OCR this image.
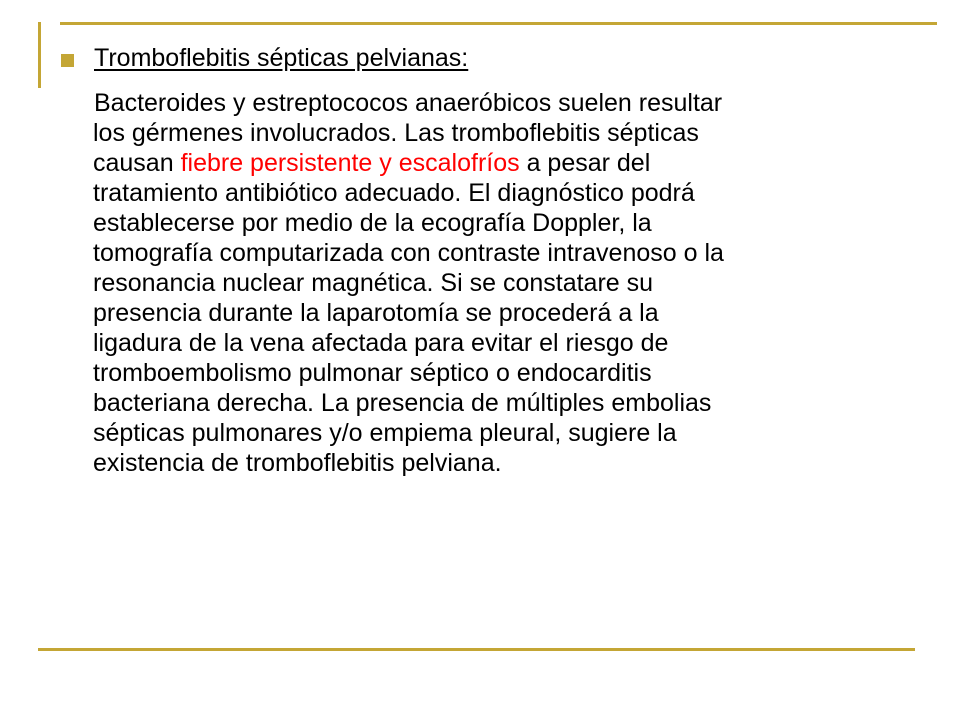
Tromboflebitis sépticas pelvianas:
Bacteroides y estreptococos anaeróbicos suelen resultar
los gérmenes involucrados. Las tromboflebitis sépticas
causan fiebre persistente y escalofríos a pesar del
tratamiento antibiótico adecuado. El diagnóstico podrá
establecerse por medio de la ecografía Doppler, la
tomografía computarizada con contraste intravenoso o la
resonancia nuclear magnética. Si se constatare su
presencia durante la laparotomía se procederá a la
ligadura de la vena afectada para evitar el riesgo de
tromboembolismo pulmonar séptico o endocarditis
bacteriana derecha. La presencia de múltiples embolias
sépticas pulmonares y/o empiema pleural, sugiere la
existencia de tromboflebitis pelviana.
